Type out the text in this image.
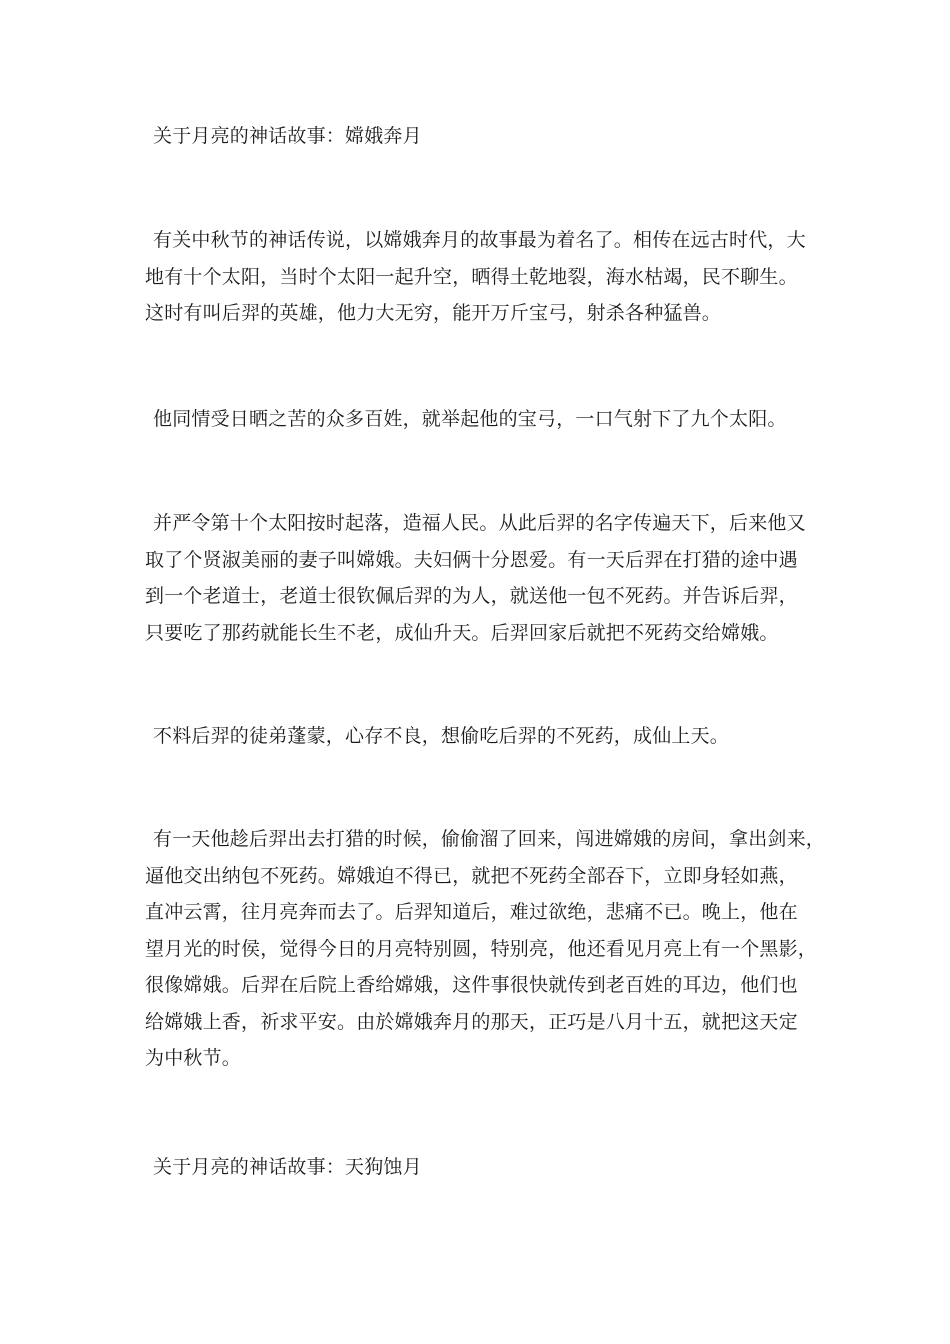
关于月亮的神话故事：嫦娥奔月
有关中秋节的神话传说，以嫦娥奔月的故事最为着名了。相传在远古时代，大
地有十个太阳，当时个太阳一起升空，晒得土乾地裂，海水枯竭，民不聊生。
这时有叫后羿的英雄，他力大无穷，能开万斤宝弓，射杀各种猛兽。
他同情受日晒之苦的众多百姓，就举起他的宝弓，一口气射下了九个太阳。
并严令第十个太阳按时起落，造福人民。从此后羿的名字传遍天下，后来他又
取了个贤淑美丽的妻子叫嫦娥。夫妇俩十分恩爱。有一天后羿在打猎的途中遇
到一个老道士，老道士很钦佩后羿的为人，就送他一包不死药。并告诉后羿，
只要吃了那药就能长生不老，成仙升天。后羿回家后就把不死药交给嫦娥。
不料后羿的徒弟蓬蒙，心存不良，想偷吃后羿的不死药，成仙上天。
有一天他趁后羿出去打猎的时候，偷偷溜了回来，闯进嫦娥的房间，拿出剑来，
逼他交出纳包不死药。嫦娥迫不得已，就把不死药全部吞下，立即身轻如燕，
直冲云霄，往月亮奔而去了。后羿知道后，难过欲绝，悲痛不已。晚上，他在
望月光的时侯，觉得今日的月亮特别圆，特别亮，他还看见月亮上有一个黑影，
很像嫦娥。后羿在后院上香给嫦娥，这件事很快就传到老百姓的耳边，他们也
给嫦娥上香，祈求平安。由於嫦娥奔月的那天，正巧是八月十五，就把这天定
为中秋节。
关于月亮的神话故事：天狗蚀月
